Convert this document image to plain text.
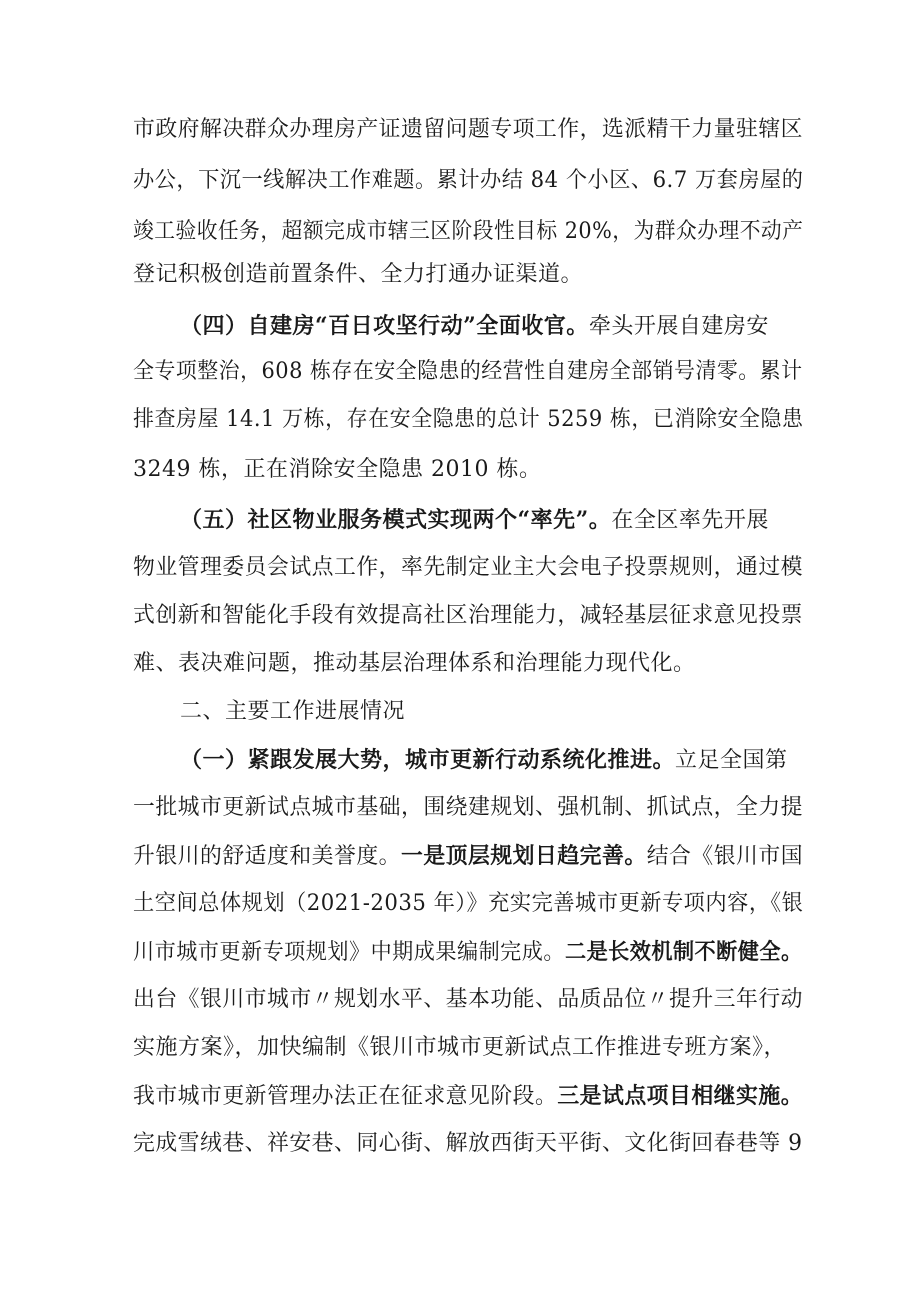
市政府解决群众办理房产证遗留问题专项工作，选派精干力量驻辖区
办公，下沉一线解决工作难题。累计办结 84 个小区、6.7 万套房屋的
竣工验收任务，超额完成市辖三区阶段性目标 20%，为群众办理不动产
登记积极创造前置条件、全力打通办证渠道。
（四）自建房“百日攻坚行动”全面收官。牵头开展自建房安
全专项整治，608 栋存在安全隐患的经营性自建房全部销号清零。累计
排查房屋 14.1 万栋，存在安全隐患的总计 5259 栋，已消除安全隐患
3249 栋，正在消除安全隐患 2010 栋。
（五）社区物业服务模式实现两个“率先”。在全区率先开展
物业管理委员会试点工作，率先制定业主大会电子投票规则，通过模
式创新和智能化手段有效提高社区治理能力，减轻基层征求意见投票
难、表决难问题，推动基层治理体系和治理能力现代化。
二、主要工作进展情况
（一）紧跟发展大势，城市更新行动系统化推进。立足全国第
一批城市更新试点城市基础，围绕建规划、强机制、抓试点，全力提
升银川的舒适度和美誉度。一是顶层规划日趋完善。结合《银川市国
土空间总体规划（2021-2035 年）》充实完善城市更新专项内容，《银
川市城市更新专项规划》中期成果编制完成。二是长效机制不断健全。
出台《银川市城市〃规划水平、基本功能、品质品位〃提升三年行动
实施方案》，加快编制《银川市城市更新试点工作推进专班方案》，
我市城市更新管理办法正在征求意见阶段。三是试点项目相继实施。
完成雪绒巷、祥安巷、同心街、解放西街天平街、文化街回春巷等 9
